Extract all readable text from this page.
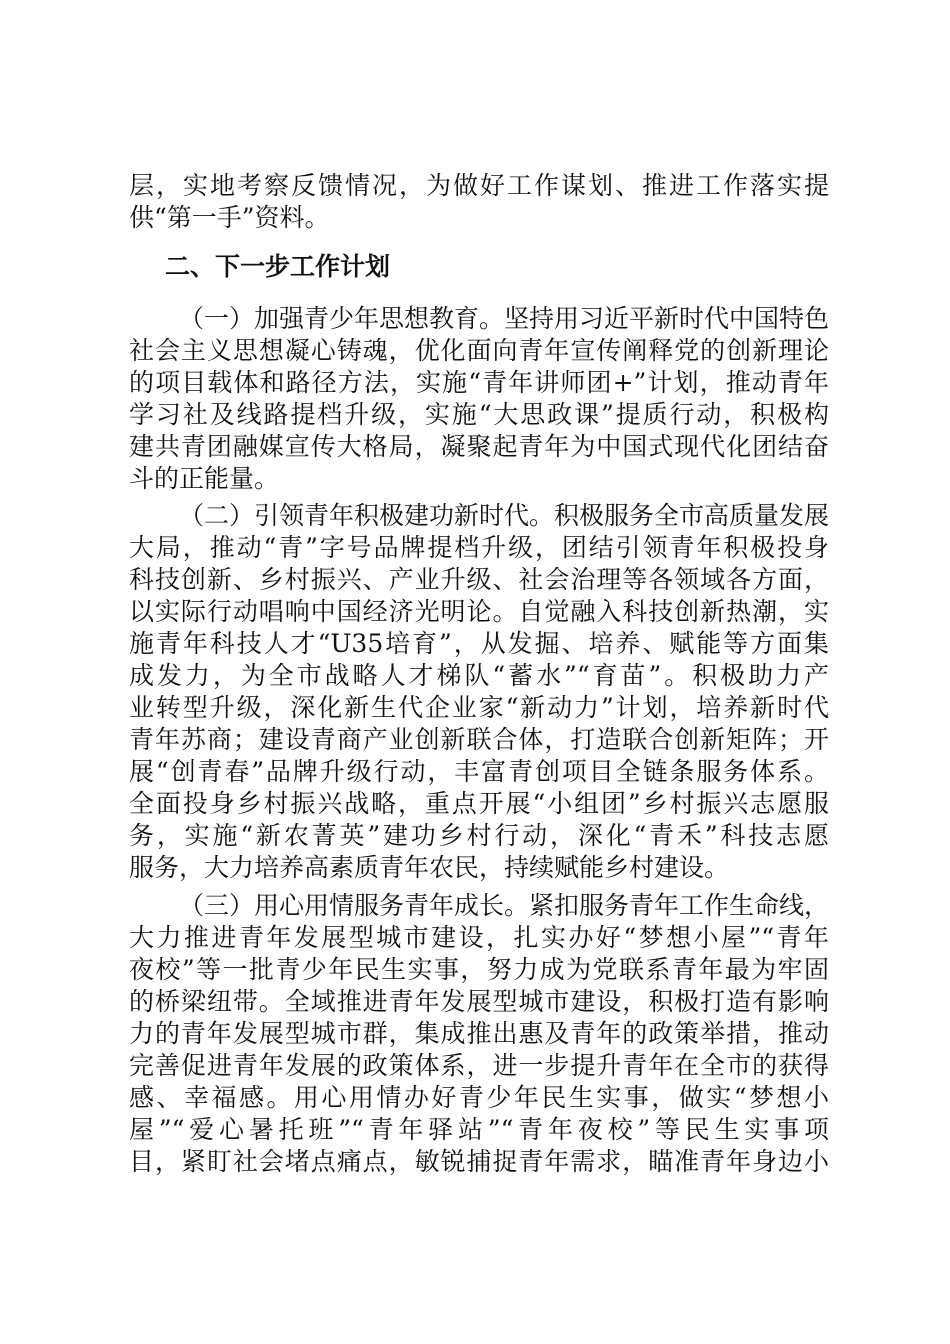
层，实地考察反馈情况，为做好工作谋划、推进工作落实提

供“第一手”资料。

二、下一步工作计划

（一）加强青少年思想教育。坚持用习近平新时代中国特色

社会主义思想凝心铸魂，优化面向青年宣传阐释党的创新理论

的项目载体和路径方法，实施“青年讲师团+”计划，推动青年

学习社及线路提档升级，实施“大思政课”提质行动，积极构

建共青团融媒宣传大格局，凝聚起青年为中国式现代化团结奋

斗的正能量。

（二）引领青年积极建功新时代。积极服务全市高质量发展

大局，推动“青”字号品牌提档升级，团结引领青年积极投身

科技创新、乡村振兴、产业升级、社会治理等各领域各方面，

以实际行动唱响中国经济光明论。自觉融入科技创新热潮，实

施青年科技人才“U35培育”，从发掘、培养、赋能等方面集

成发力，为全市战略人才梯队“蓄水”“育苗”。积极助力产

业转型升级，深化新生代企业家“新动力”计划，培养新时代

青年苏商；建设青商产业创新联合体，打造联合创新矩阵；开

展“创青春”品牌升级行动，丰富青创项目全链条服务体系。

全面投身乡村振兴战略，重点开展“小组团”乡村振兴志愿服

务，实施“新农菁英”建功乡村行动，深化“青禾”科技志愿

服务，大力培养高素质青年农民，持续赋能乡村建设。

（三）用心用情服务青年成长。紧扣服务青年工作生命线，

大力推进青年发展型城市建设，扎实办好“梦想小屋”“青年

夜校”等一批青少年民生实事，努力成为党联系青年最为牢固

的桥梁纽带。全域推进青年发展型城市建设，积极打造有影响

力的青年发展型城市群，集成推出惠及青年的政策举措，推动

完善促进青年发展的政策体系，进一步提升青年在全市的获得

感、幸福感。用心用情办好青少年民生实事，做实“梦想小

屋”“爱心暑托班”“青年驿站”“青年夜校”等民生实事项

目，紧盯社会堵点痛点，敏锐捕捉青年需求，瞄准青年身边小
